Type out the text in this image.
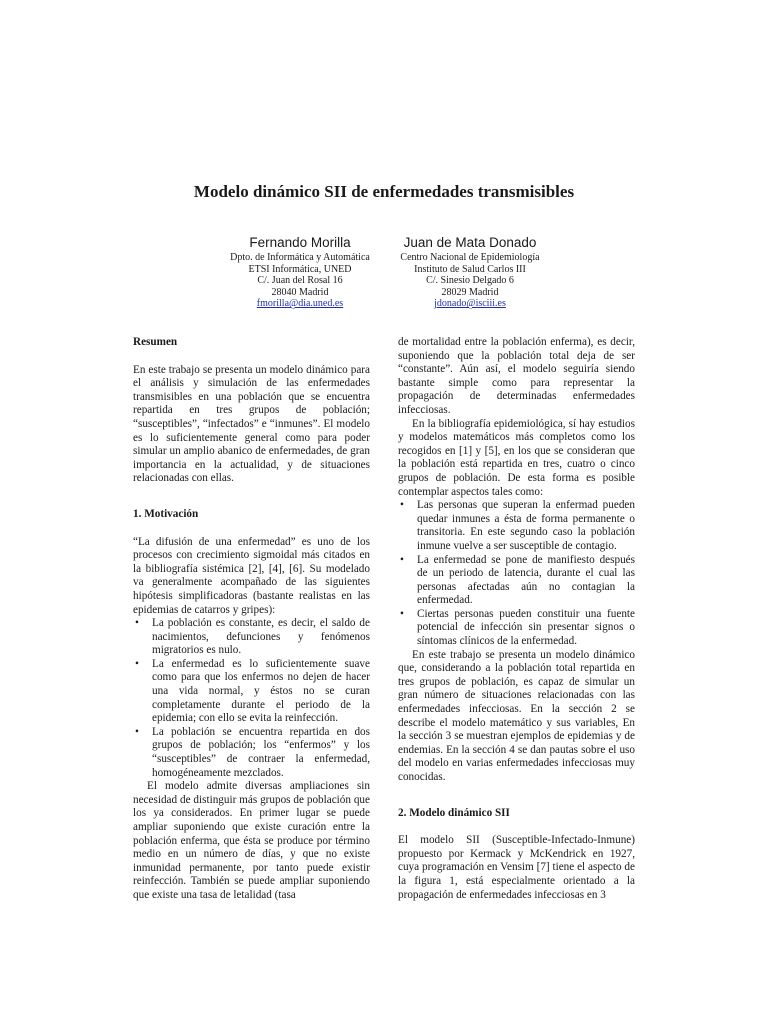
Modelo dinámico SII de enfermedades transmisibles
Fernando Morilla
Dpto. de Informática y Automática
ETSI Informática, UNED
C/. Juan del Rosal 16
28040 Madrid
fmorilla@dia.uned.es
Juan de Mata Donado
Centro Nacional de Epidemiología
Instituto de Salud Carlos III
C/. Sinesio Delgado 6
28029 Madrid
jdonado@isciii.es
Resumen

En este trabajo se presenta un modelo dinámico para el análisis y simulación de las enfermedades transmisibles en una población que se encuentra repartida en tres grupos de población; “susceptibles”, “infectados” e “inmunes”. El modelo es lo suficientemente general como para poder simular un amplio abanico de enfermedades, de gran importancia en la actualidad, y de situaciones relacionadas con ellas.

1. Motivación

“La difusión de una enfermedad” es uno de los procesos con crecimiento sigmoidal más citados en la bibliografía sistémica [2], [4], [6]. Su modelado va generalmente acompañado de las siguientes hipótesis simplificadoras (bastante realistas en las epidemias de catarros y gripes):

• La población es constante, es decir, el saldo de nacimientos, defunciones y fenómenos migratorios es nulo.
• La enfermedad es lo suficientemente suave como para que los enfermos no dejen de hacer una vida normal, y éstos no se curan completamente durante el periodo de la epidemia; con ello se evita la reinfección.
• La población se encuentra repartida en dos grupos de población; los “enfermos” y los “susceptibles” de contraer la enfermedad, homogéneamente mezclados.

El modelo admite diversas ampliaciones sin necesidad de distinguir más grupos de población que los ya considerados. En primer lugar se puede ampliar suponiendo que existe curación entre la población enferma, que ésta se produce por término medio en un número de días, y que no existe inmunidad permanente, por tanto puede existir reinfección. También se puede ampliar suponiendo que existe una tasa de letalidad (tasa

de mortalidad entre la población enferma), es decir, suponiendo que la población total deja de ser “constante”. Aún así, el modelo seguiría siendo bastante simple como para representar la propagación de determinadas enfermedades infecciosas.

En la bibliografía epidemiológica, sí hay estudios y modelos matemáticos más completos como los recogidos en [1] y [5], en los que se consideran que la población está repartida en tres, cuatro o cinco grupos de población. De esta forma es posible contemplar aspectos tales como:

• Las personas que superan la enfermad pueden quedar inmunes a ésta de forma permanente o transitoria. En este segundo caso la población inmune vuelve a ser susceptible de contagio.
• La enfermedad se pone de manifiesto después de un periodo de latencia, durante el cual las personas afectadas aún no contagian la enfermedad.
• Ciertas personas pueden constituir una fuente potencial de infección sin presentar signos o síntomas clínicos de la enfermedad.

En este trabajo se presenta un modelo dinámico que, considerando a la población total repartida en tres grupos de población, es capaz de simular un gran número de situaciones relacionadas con las enfermedades infecciosas. En la sección 2 se describe el modelo matemático y sus variables, En la sección 3 se muestran ejemplos de epidemias y de endemias. En la sección 4 se dan pautas sobre el uso del modelo en varias enfermedades infecciosas muy conocidas.

2. Modelo dinámico SII

El modelo SII (Susceptible-Infectado-Inmune) propuesto por Kermack y McKendrick en 1927, cuya programación en Vensim [7] tiene el aspecto de la figura 1, está especialmente orientado a la propagación de enfermedades infecciosas en 3
